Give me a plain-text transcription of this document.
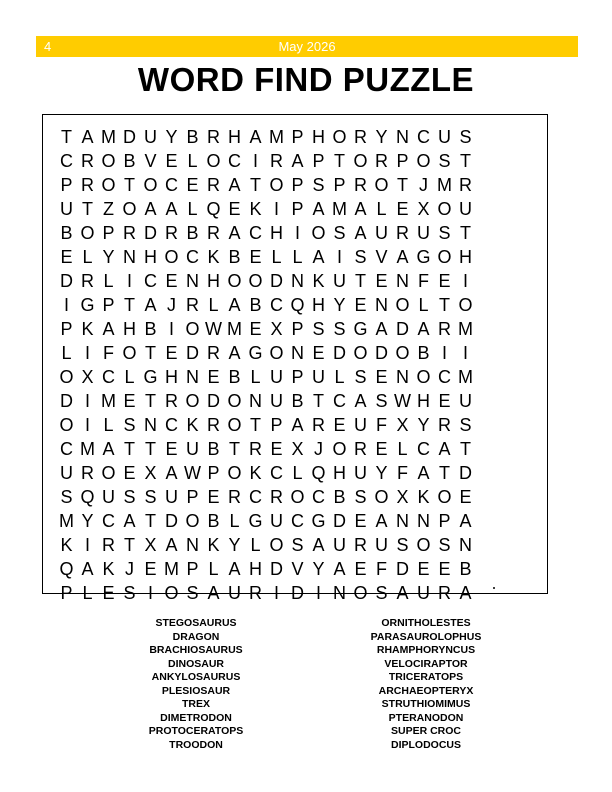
4	May 2026
WORD FIND PUZZLE
T A M D U Y B R H A M P H O R Y N C U S
C R O B V E L O C I R A P T O R P O S T
P R O T O C E R A T O P S P R O T J M R
U T Z O A A L Q E K I P A M A L E X O U
B O P R D R B R A C H I O S A U R U S T
E L Y N H O C K B E L L A I S V A G O H
D R L I C E N H O O D N K U T E N F E I
I G P T A J R L A B C Q H Y E N O L T O
P K A H B I O W M E X P S S G A D A R M
L I F O T E D R A G O N E D O D O B I I
O X C L G H N E B L U P U L S E N O C M
D I M E T R O D O N U B T C A S W H E U
O I L S N C K R O T P A R E U F X Y R S
C M A T T E U B T R E X J O R E L C A T
U R O E X A W P O K C L Q H U Y F A T D
S Q U S S U P E R C R O C B S O X K O E
M Y C A T D O B L G U C G D E A N N P A
K I R T X A N K Y L O S A U R U S O S N
Q A K J E M P L A H D V Y A E F D E E B
P L E S I O S A U R I D I N O S A U R A
STEGOSAURUS
DRAGON
BRACHIOSAURUS
DINOSAUR
ANKYLOSAURUS
PLESIOSAUR
TREX
DIMETRODON
PROTOCERATOPS
TROODON
ORNITHOLESTES
PARASAUROLOPHUS
RHAMPHORYNCUS
VELOCIRAPTOR
TRICERATOPS
ARCHAEOPTERYX
STRUTHIOMIMUS
PTERANODON
SUPER CROC
DIPLODOCUS
